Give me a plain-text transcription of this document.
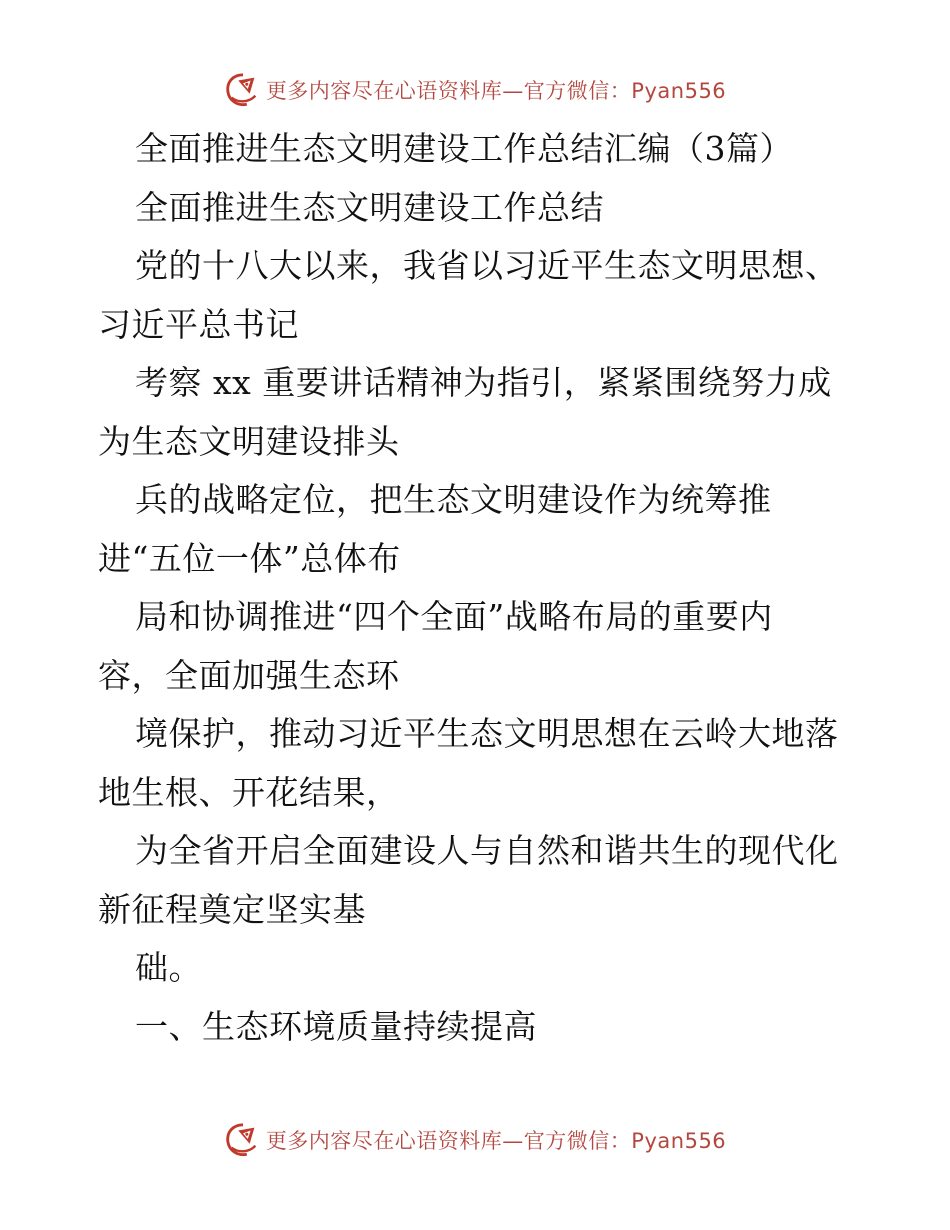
更多内容尽在心语资料库—官方微信：Pyan556
全面推进生态文明建设工作总结汇编（3篇）
全面推进生态文明建设工作总结
党的十八大以来，我省以习近平生态文明思想、
习近平总书记
考察 xx 重要讲话精神为指引，紧紧围绕努力成
为生态文明建设排头
兵的战略定位，把生态文明建设作为统筹推
进“五位一体”总体布
局和协调推进“四个全面”战略布局的重要内
容，全面加强生态环
境保护，推动习近平生态文明思想在云岭大地落
地生根、开花结果，
为全省开启全面建设人与自然和谐共生的现代化
新征程奠定坚实基
础。
一、生态环境质量持续提高
更多内容尽在心语资料库—官方微信：Pyan556
